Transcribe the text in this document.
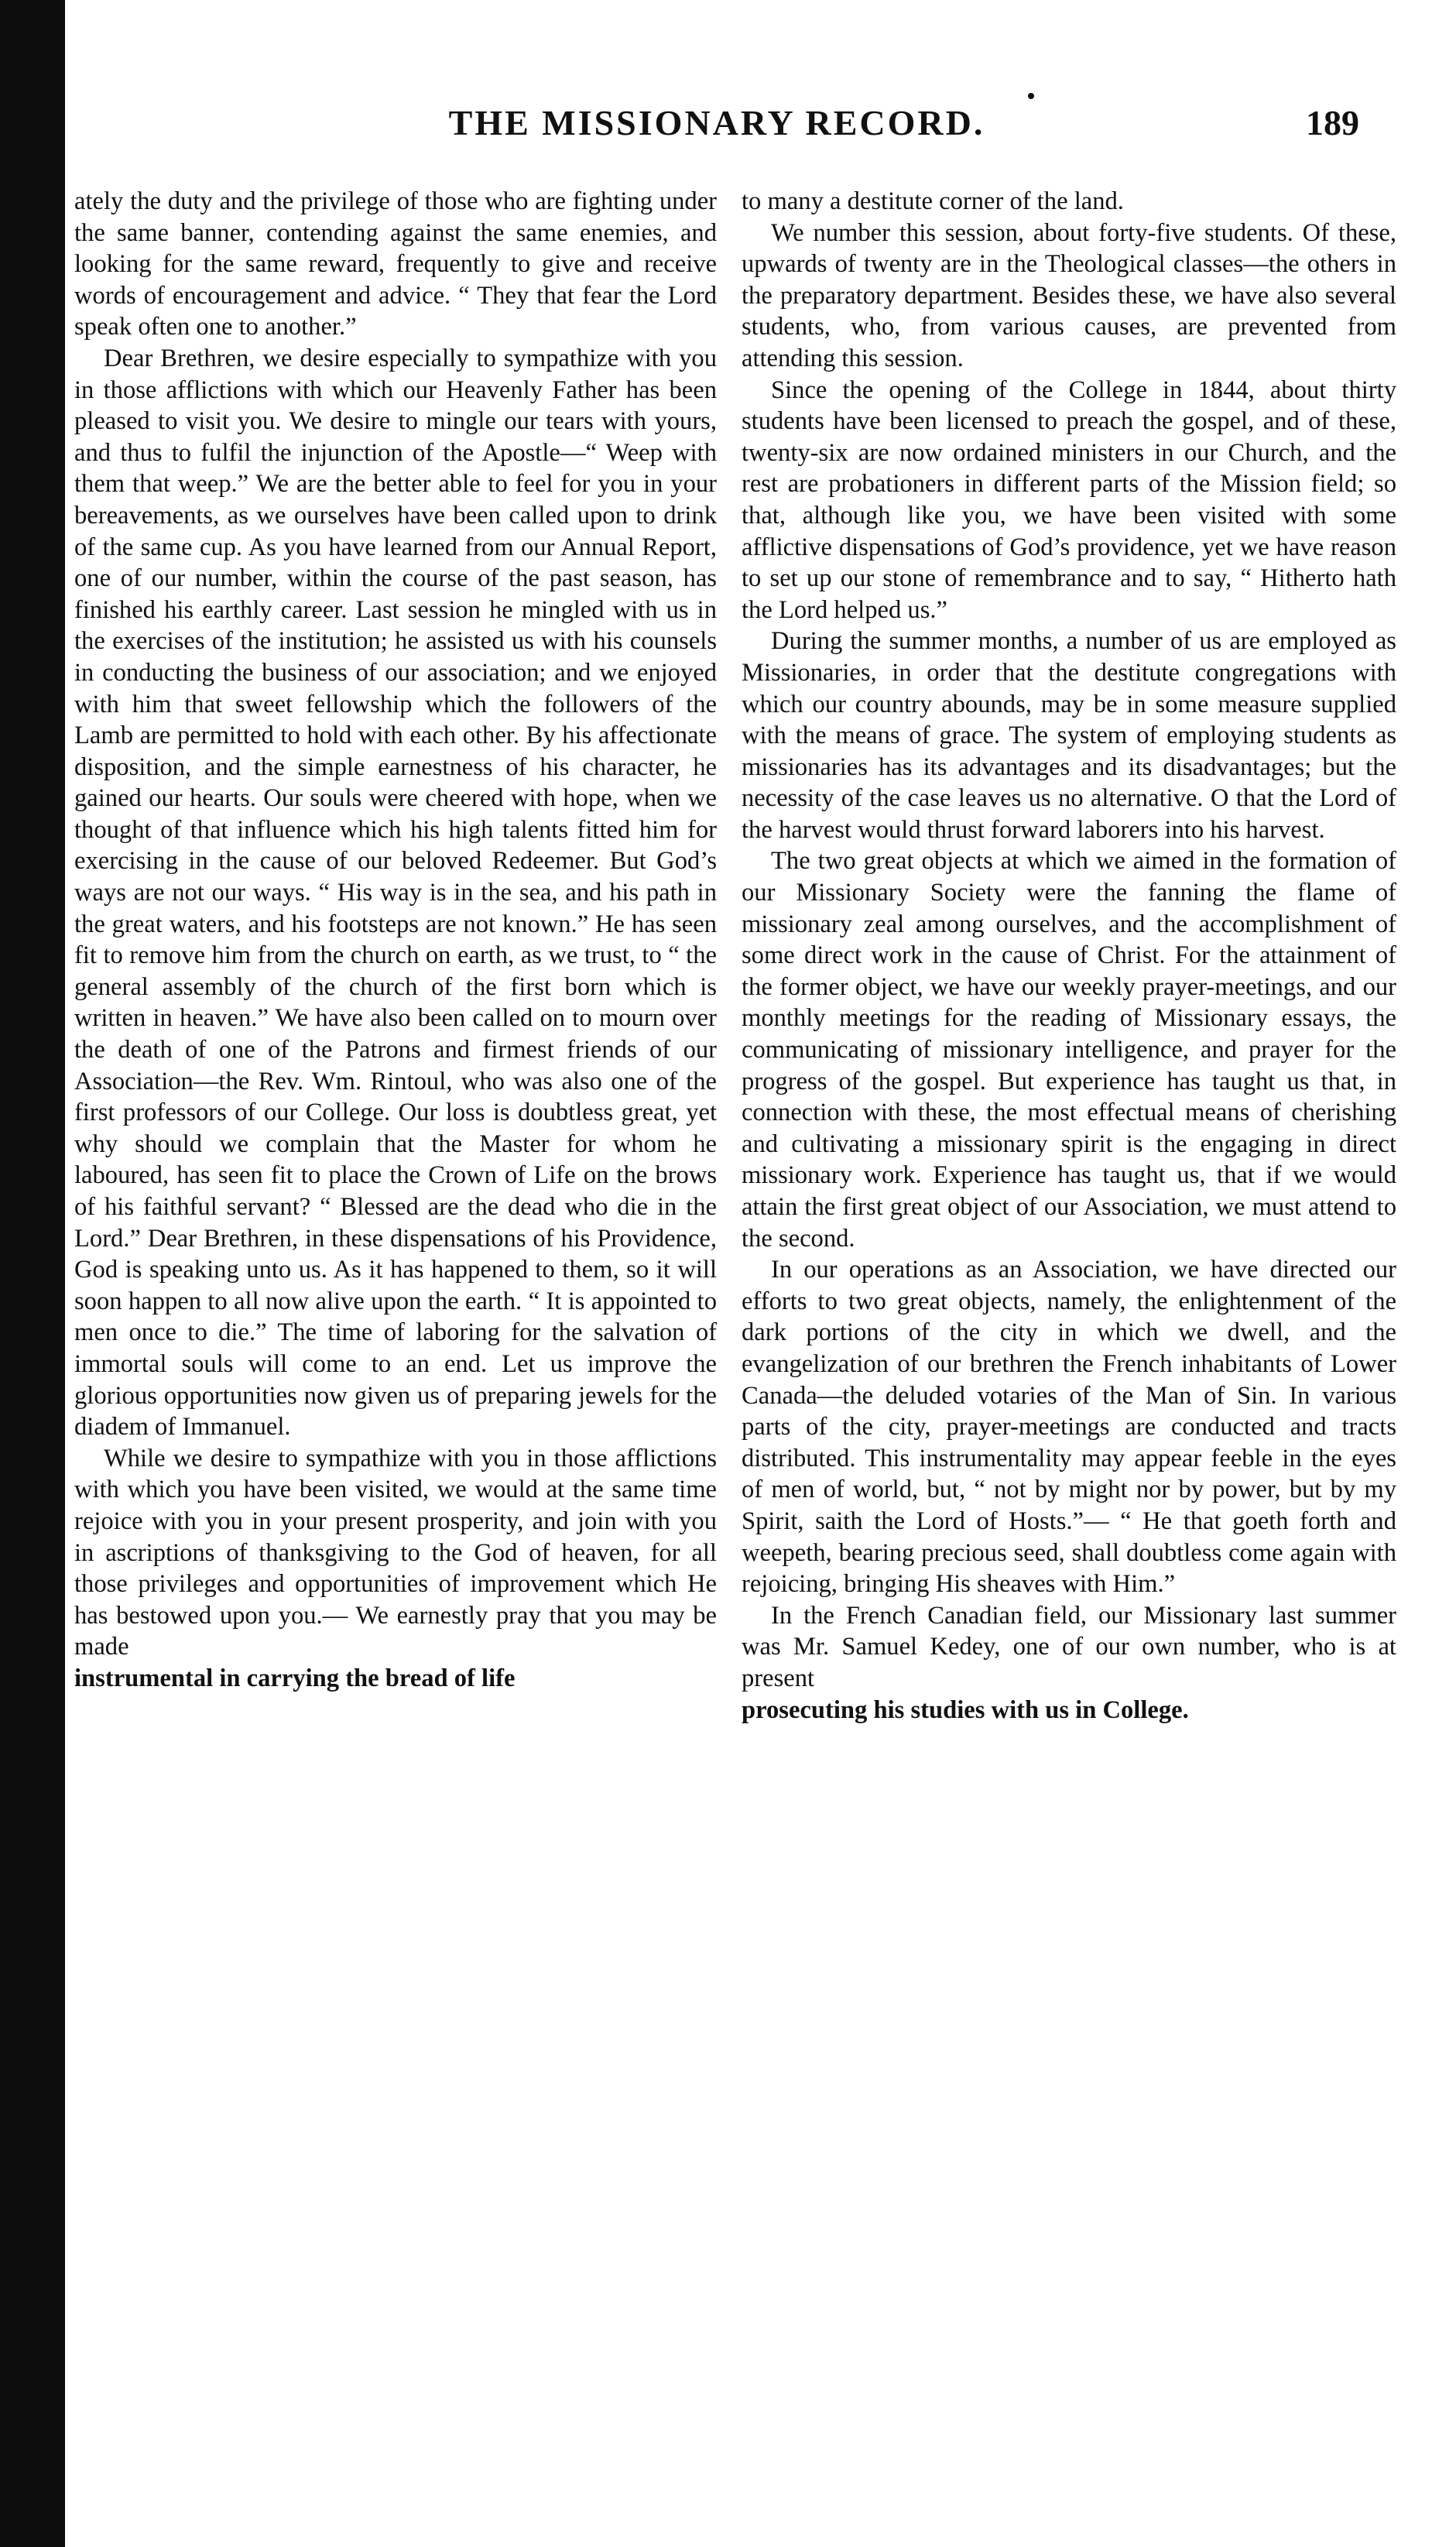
THE MISSIONARY RECORD.	189

ately the duty and the privilege of those who are fighting under the same banner, contending against the same enemies, and looking for the same reward, frequently to give and receive words of encouragement and advice. “ They that fear the Lord speak often one to another.”

Dear Brethren, we desire especially to sympathize with you in those afflictions with which our Heavenly Father has been pleased to visit you. We desire to mingle our tears with yours, and thus to fulfil the injunction of the Apostle—“ Weep with them that weep.” We are the better able to feel for you in your bereavements, as we ourselves have been called upon to drink of the same cup. As you have learned from our Annual Report, one of our number, within the course of the past season, has finished his earthly career. Last session he mingled with us in the exercises of the institution; he assisted us with his counsels in conducting the business of our association; and we enjoyed with him that sweet fellowship which the followers of the Lamb are permitted to hold with each other. By his affectionate disposition, and the simple earnestness of his character, he gained our hearts. Our souls were cheered with hope, when we thought of that influence which his high talents fitted him for exercising in the cause of our beloved Redeemer. But God’s ways are not our ways. “ His way is in the sea, and his path in the great waters, and his footsteps are not known.” He has seen fit to remove him from the church on earth, as we trust, to “ the general assembly of the church of the first born which is written in heaven.” We have also been called on to mourn over the death of one of the Patrons and firmest friends of our Association—the Rev. Wm. Rintoul, who was also one of the first professors of our College. Our loss is doubtless great, yet why should we complain that the Master for whom he laboured, has seen fit to place the Crown of Life on the brows of his faithful servant? “ Blessed are the dead who die in the Lord.” Dear Brethren, in these dispensations of his Providence, God is speaking unto us. As it has happened to them, so it will soon happen to all now alive upon the earth. “ It is appointed to men once to die.” The time of laboring for the salvation of immortal souls will come to an end. Let us improve the glorious opportunities now given us of preparing jewels for the diadem of Immanuel.

While we desire to sympathize with you in those afflictions with which you have been visited, we would at the same time rejoice with you in your present prosperity, and join with you in ascriptions of thanksgiving to the God of heaven, for all those privileges and opportunities of improvement which He has bestowed upon you.— We earnestly pray that you may be made

instrumental in carrying the bread of life

to many a destitute corner of the land.

We number this session, about forty-five students. Of these, upwards of twenty are in the Theological classes—the others in the preparatory department. Besides these, we have also several students, who, from various causes, are prevented from attending this session.

Since the opening of the College in 1844, about thirty students have been licensed to preach the gospel, and of these, twenty-six are now ordained ministers in our Church, and the rest are probationers in different parts of the Mission field; so that, although like you, we have been visited with some afflictive dispensations of God’s providence, yet we have reason to set up our stone of remembrance and to say, “ Hitherto hath the Lord helped us.”

During the summer months, a number of us are employed as Missionaries, in order that the destitute congregations with which our country abounds, may be in some measure supplied with the means of grace. The system of employing students as missionaries has its advantages and its disadvantages; but the necessity of the case leaves us no alternative. O that the Lord of the harvest would thrust forward laborers into his harvest.

The two great objects at which we aimed in the formation of our Missionary Society were the fanning the flame of missionary zeal among ourselves, and the accomplishment of some direct work in the cause of Christ. For the attainment of the former object, we have our weekly prayer-meetings, and our monthly meetings for the reading of Missionary essays, the communicating of missionary intelligence, and prayer for the progress of the gospel. But experience has taught us that, in connection with these, the most effectual means of cherishing and cultivating a missionary spirit is the engaging in direct missionary work. Experience has taught us, that if we would attain the first great object of our Association, we must attend to the second.

In our operations as an Association, we have directed our efforts to two great objects, namely, the enlightenment of the dark portions of the city in which we dwell, and the evangelization of our brethren the French inhabitants of Lower Canada—the deluded votaries of the Man of Sin. In various parts of the city, prayer-meetings are conducted and tracts distributed. This instrumentality may appear feeble in the eyes of men of world, but, “ not by might nor by power, but by my Spirit, saith the Lord of Hosts.”— “ He that goeth forth and weepeth, bearing precious seed, shall doubtless come again with rejoicing, bringing His sheaves with Him.”

In the French Canadian field, our Missionary last summer was Mr. Samuel Kedey, one of our own number, who is at present

prosecuting his studies with us in College.
